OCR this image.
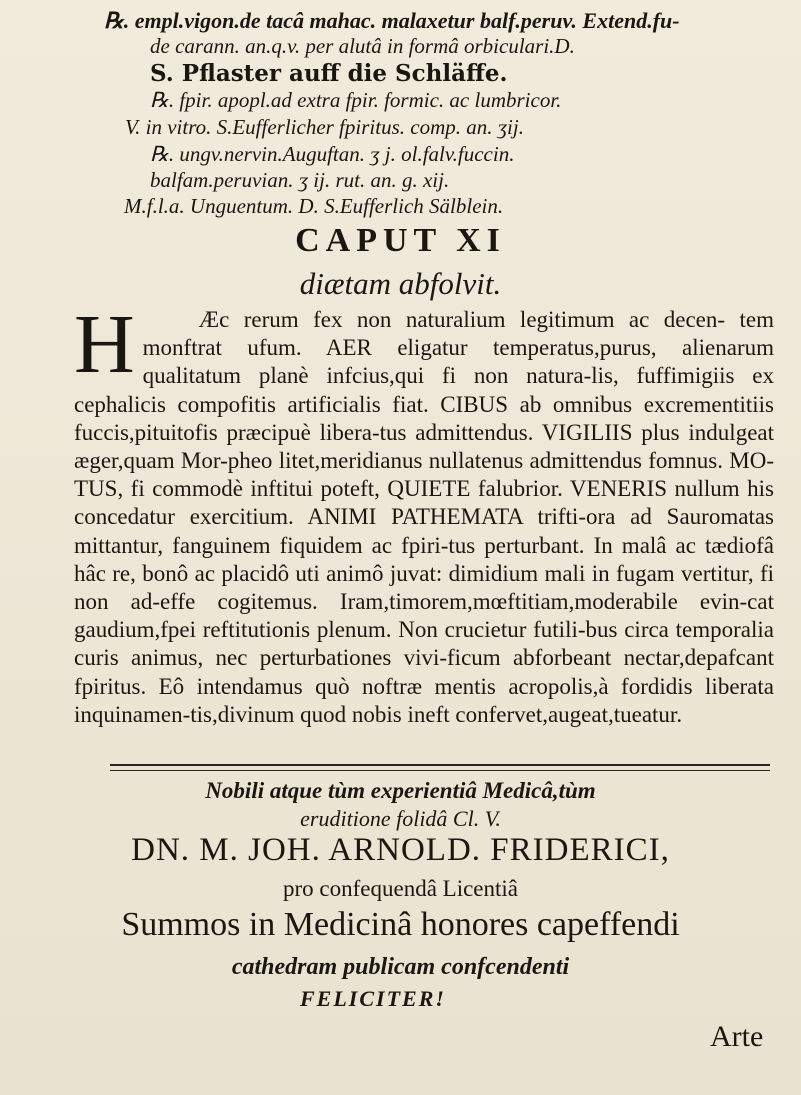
℞. empl.vigon.de tacâ mahac. malaxetur balf.peruv. Extend.fu-
de carann. an.q.v. per alutâ in formâ orbiculari.D.
S. Pflaster auff die Schläffe.
℞. fpir. apopl.ad extra fpir. formic. ac lumbricor.
V. in vitro. S.Eufferlicher fpiritus. comp. an. ʒij.
℞. ungv.nervin.Auguftan. ʒ j. ol.falv.fuccin.
balfam.peruvian. ʒ ij. rut. an. g. xij.
M.f.l.a. Unguentum. D. S.Eufferlich Sälblein.
CAPUT XI
diætam abfolvit.

H	Æc rerum fex non naturalium legitimum ac decen- tem monftrat ufum. AER eligatur temperatus,purus, alienarum qualitatum planè infcius,qui fi non natura-lis, fuffimigiis ex cephalicis compofitis artificialis fiat. CIBUS ab omnibus excrementitiis fuccis,pituitofis præcipuè libera-tus admittendus. VIGILIIS plus indulgeat æger,quam Mor-pheo litet,meridianus nullatenus admittendus fomnus. MO-TUS, fi commodè inftitui poteft, QUIETE falubrior. VENERIS nullum his concedatur exercitium. ANIMI PATHEMATA trifti-ora ad Sauromatas mittantur, fanguinem fiquidem ac fpiri-tus perturbant. In malâ ac tædiofâ hâc re, bonô ac placidô uti animô juvat: dimidium mali in fugam vertitur, fi non ad-effe cogitemus. Iram,timorem,mœftitiam,moderabile evin-cat gaudium,fpei reftitutionis plenum. Non crucietur futili-bus circa temporalia curis animus, nec perturbationes vivi-ficum abforbeant nectar,depafcant fpiritus. Eô intendamus quò noftræ mentis acropolis,à fordidis liberata inquinamen-tis,divinum quod nobis ineft confervet,augeat,tueatur.

Nobili atque tùm experientiâ Medicâ,tùm
eruditione folidâ Cl. V.
DN. M. JOH. ARNOLD. FRIDERICI,
pro confequendâ Licentiâ
Summos in Medicinâ honores capeffendi
cathedram publicam confcendenti
FELICITER!
Arte
